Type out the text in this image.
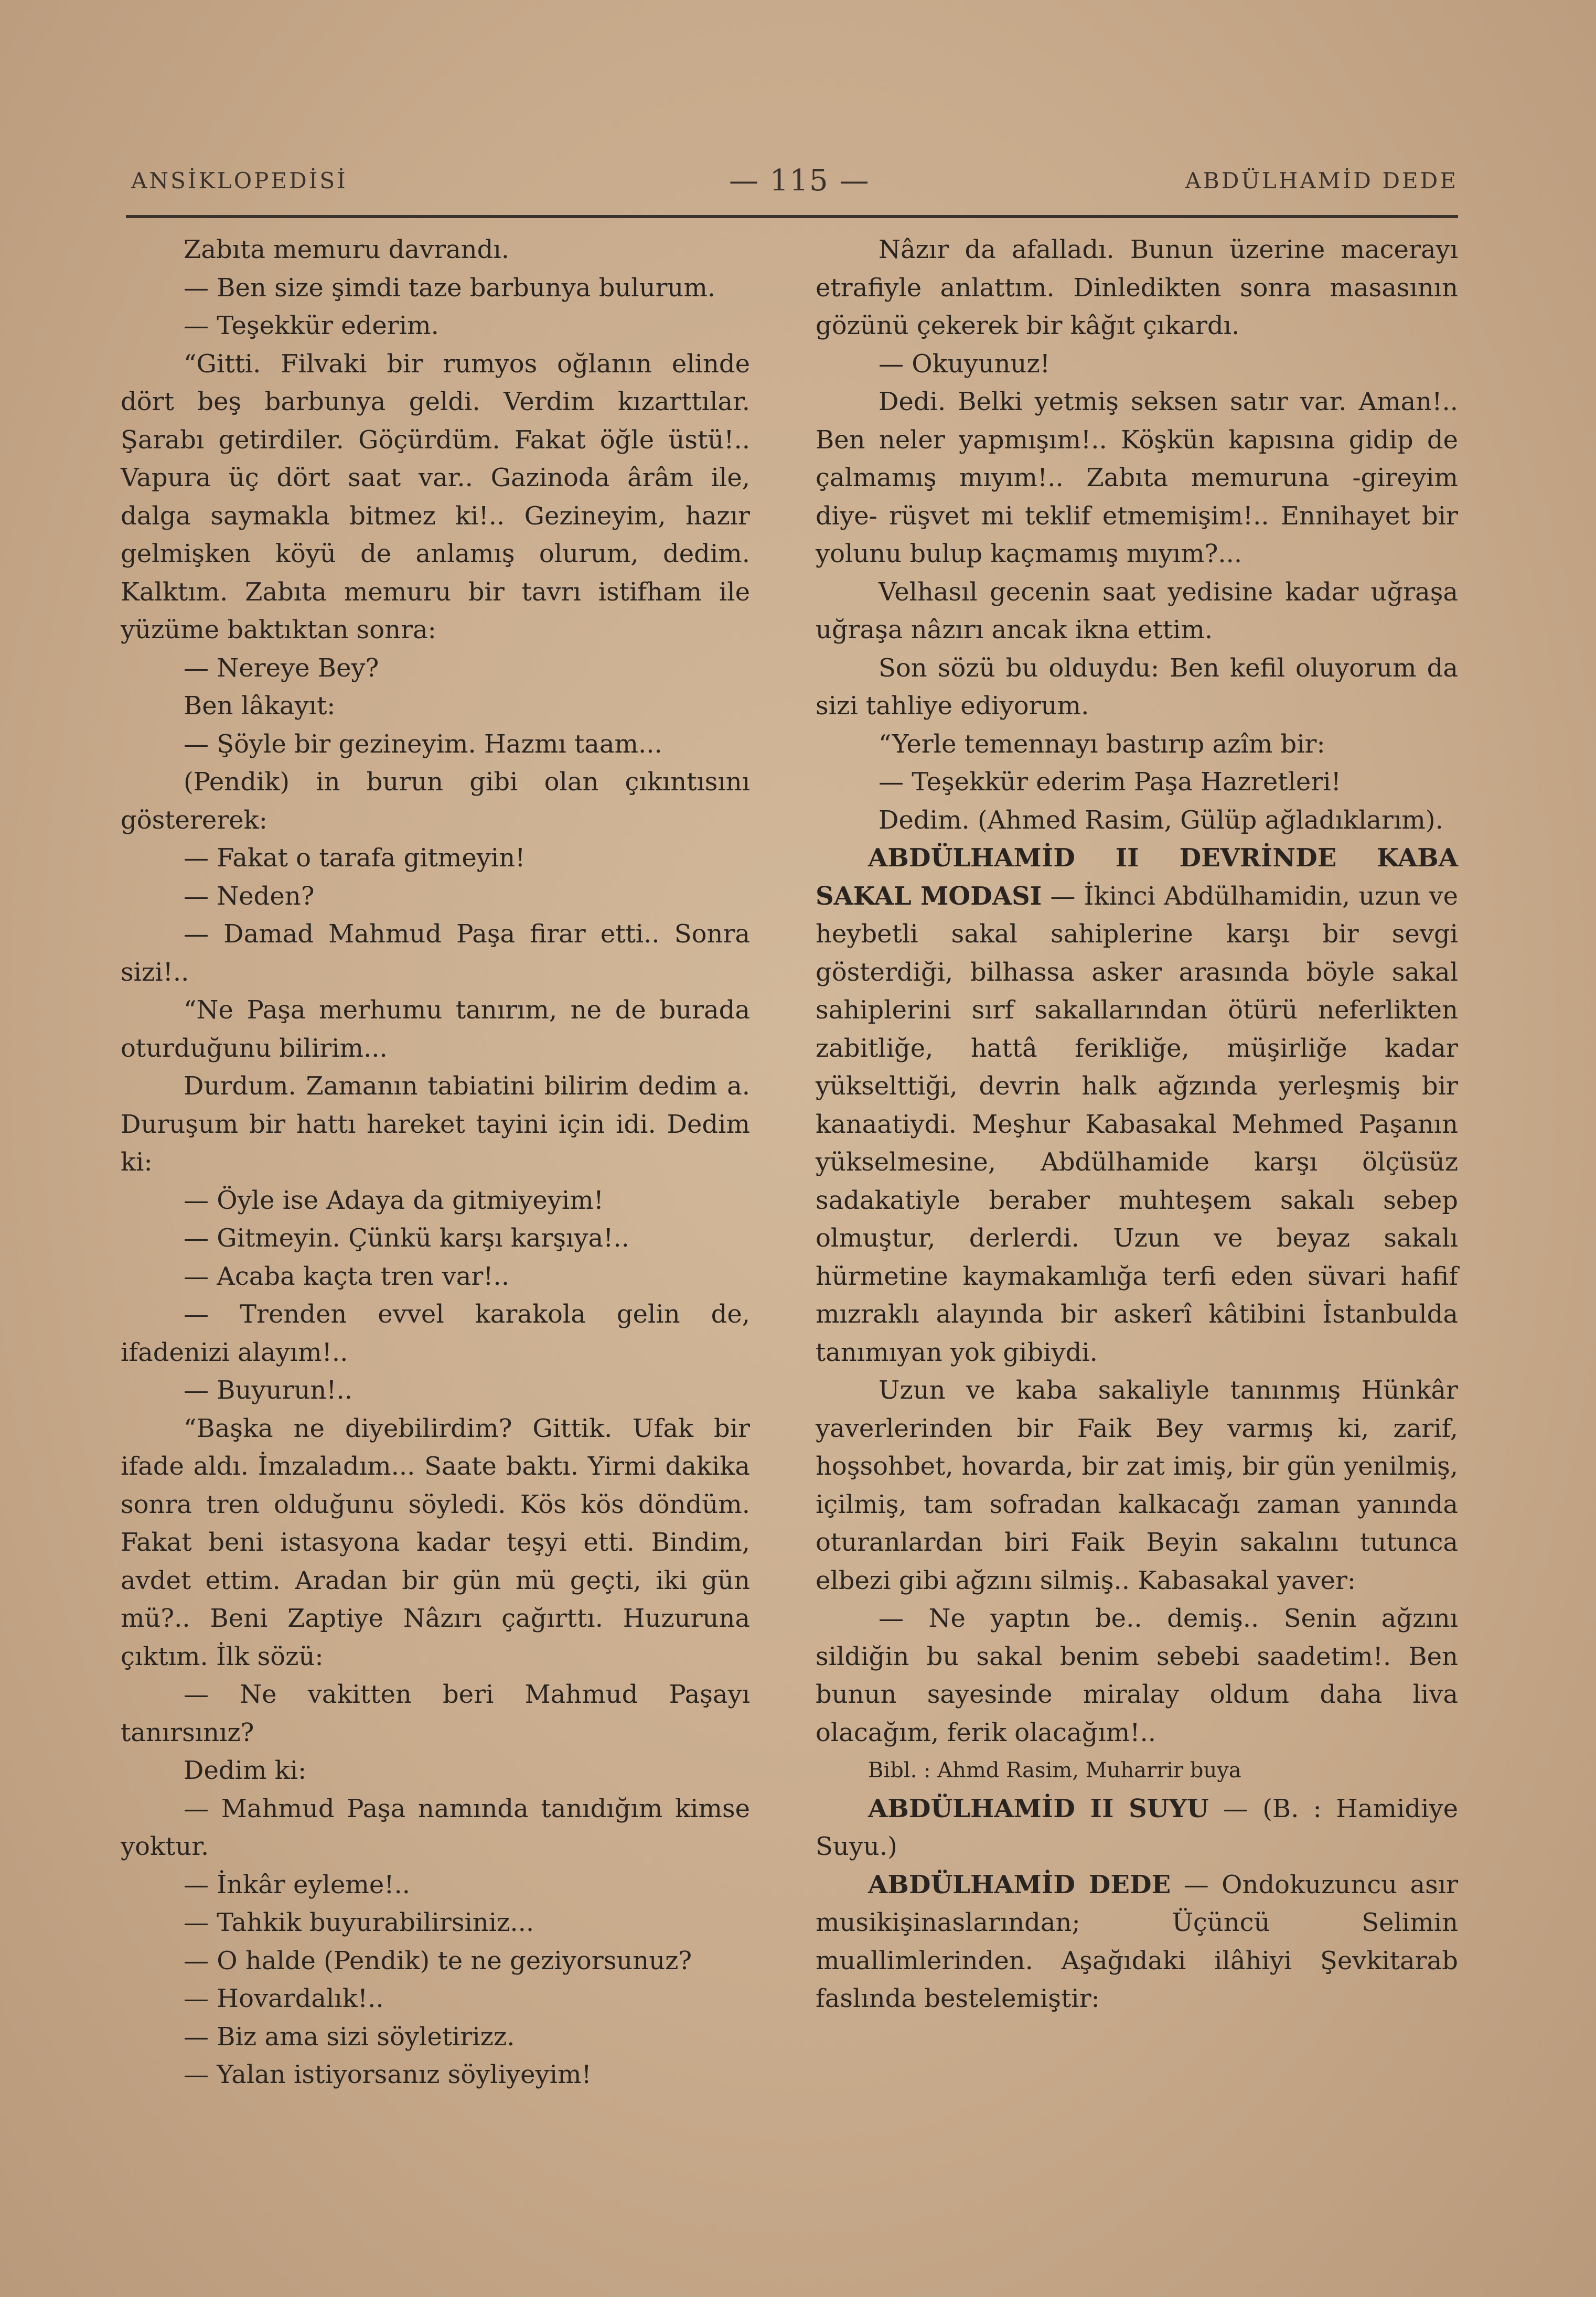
ANSİKLOPEDİSİ	— 115 —	ABDÜLHAMİD DEDE

Zabıta memuru davrandı.

— Ben size şimdi taze barbunya bulurum.

— Teşekkür ederim.

“Gitti. Filvaki bir rumyos oğlanın elinde dört beş barbunya geldi. Verdim kızarttılar. Şarabı getirdiler. Göçürdüm. Fakat öğle üstü!.. Vapura üç dört saat var.. Gazinoda ârâm ile, dalga saymakla bitmez ki!.. Gezineyim, hazır gelmişken köyü de anlamış olurum, dedim. Kalktım. Zabıta memuru bir tavrı istifham ile yüzüme baktıktan sonra:

— Nereye Bey?

Ben lâkayıt:

— Şöyle bir gezineyim. Hazmı taam...

(Pendik) in burun gibi olan çıkıntısını göstererek:

— Fakat o tarafa gitmeyin!

— Neden?

— Damad Mahmud Paşa firar etti.. Sonra sizi!..

“Ne Paşa merhumu tanırım, ne de burada oturduğunu bilirim...

Durdum. Zamanın tabiatini bilirim dedim a. Duruşum bir hattı hareket tayini için idi. Dedim ki:

— Öyle ise Adaya da gitmiyeyim!

— Gitmeyin. Çünkü karşı karşıya!..

— Acaba kaçta tren var!..

— Trenden evvel karakola gelin de, ifadenizi alayım!..

— Buyurun!..

“Başka ne diyebilirdim? Gittik. Ufak bir ifade aldı. İmzaladım... Saate baktı. Yirmi dakika sonra tren olduğunu söyledi. Kös kös döndüm. Fakat beni istasyona kadar teşyi etti. Bindim, avdet ettim. Aradan bir gün mü geçti, iki gün mü?.. Beni Zaptiye Nâzırı çağırttı. Huzuruna çıktım. İlk sözü:

— Ne vakitten beri Mahmud Paşayı tanırsınız?

Dedim ki:

— Mahmud Paşa namında tanıdığım kimse yoktur.

— İnkâr eyleme!..

— Tahkik buyurabilirsiniz...

— O halde (Pendik) te ne geziyorsunuz?

— Hovardalık!..

— Biz ama sizi söyletirizz.

— Yalan istiyorsanız söyliyeyim!

Nâzır da afalladı. Bunun üzerine macerayı etrafiyle anlattım. Dinledikten sonra masasının gözünü çekerek bir kâğıt çıkardı.

— Okuyunuz!

Dedi. Belki yetmiş seksen satır var. Aman!.. Ben neler yapmışım!.. Köşkün kapısına gidip de çalmamış mıyım!.. Zabıta memuruna -gireyim diye- rüşvet mi teklif etmemişim!.. Ennihayet bir yolunu bulup kaçmamış mıyım?...

Velhasıl gecenin saat yedisine kadar uğraşa uğraşa nâzırı ancak ikna ettim.

Son sözü bu olduydu: Ben kefil oluyorum da sizi tahliye ediyorum.

“Yerle temennayı bastırıp azîm bir:

— Teşekkür ederim Paşa Hazretleri!

Dedim. (Ahmed Rasim, Gülüp ağladıklarım).

ABDÜLHAMİD II DEVRİNDE KABA SAKAL MODASI — İkinci Abdülhamidin, uzun ve heybetli sakal sahiplerine karşı bir sevgi gösterdiği, bilhassa asker arasında böyle sakal sahiplerini sırf sakallarından ötürü neferlikten zabitliğe, hattâ ferikliğe, müşirliğe kadar yükselttiği, devrin halk ağzında yerleşmiş bir kanaatiydi. Meşhur Kabasakal Mehmed Paşanın yükselmesine, Abdülhamide karşı ölçüsüz sadakatiyle beraber muhteşem sakalı sebep olmuştur, derlerdi. Uzun ve beyaz sakalı hürmetine kaymakamlığa terfi eden süvari hafif mızraklı alayında bir askerî kâtibini İstanbulda tanımıyan yok gibiydi.

Uzun ve kaba sakaliyle tanınmış Hünkâr yaverlerinden bir Faik Bey varmış ki, zarif, hoşsohbet, hovarda, bir zat imiş, bir gün yenilmiş, içilmiş, tam sofradan kalkacağı zaman yanında oturanlardan biri Faik Beyin sakalını tutunca elbezi gibi ağzını silmiş.. Kabasakal yaver:

— Ne yaptın be.. demiş.. Senin ağzını sildiğin bu sakal benim sebebi saadetim!. Ben bunun sayesinde miralay oldum daha liva olacağım, ferik olacağım!..

Bibl. : Ahmd Rasim, Muharrir buya

ABDÜLHAMİD II SUYU — (B. : Hamidiye Suyu.)

ABDÜLHAMİD DEDE — Ondokuzuncu asır musikişinaslarından; Üçüncü Selimin muallimlerinden. Aşağıdaki ilâhiyi Şevkitarab faslında bestelemiştir:
